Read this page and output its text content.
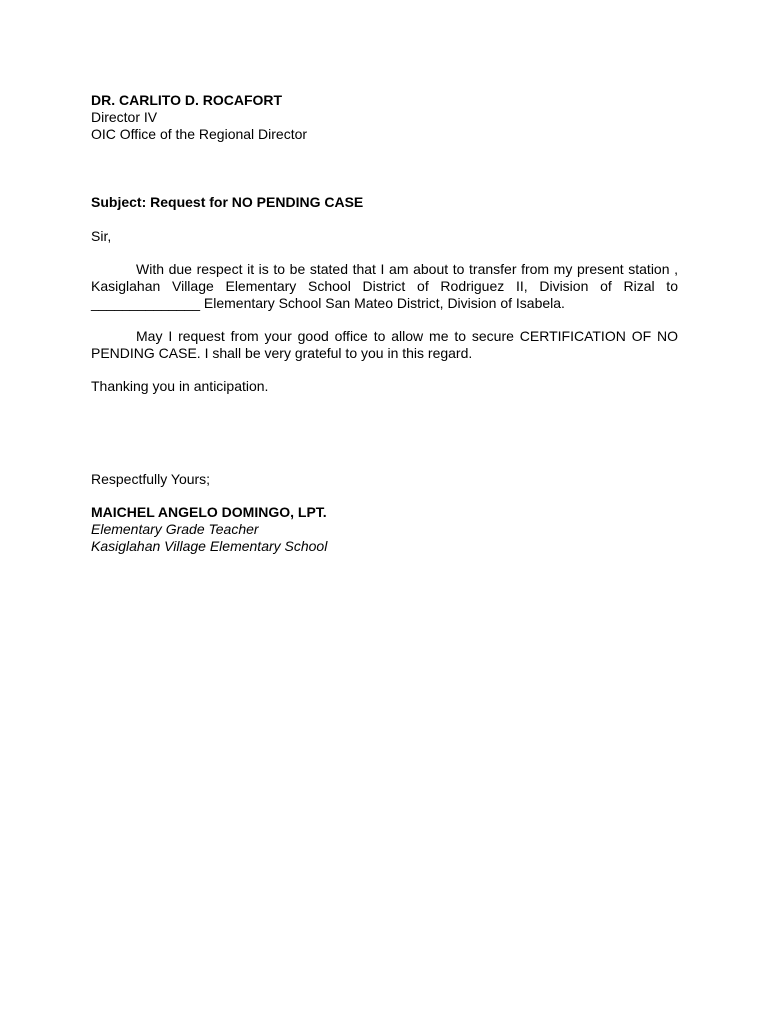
DR. CARLITO D. ROCAFORT
Director IV
OIC Office of the Regional Director
Subject: Request for NO PENDING CASE
Sir,

With due respect it is to be stated that I am about to transfer from my present station , Kasiglahan Village Elementary School District of Rodriguez II, Division of Rizal to ______________ Elementary School San Mateo District, Division of Isabela.

May I request from your good office to allow me to secure CERTIFICATION OF NO PENDING CASE. I shall be very grateful to you in this regard.

Thanking you in anticipation.
Respectfully Yours;
MAICHEL ANGELO DOMINGO, LPT.
Elementary Grade Teacher
Kasiglahan Village Elementary School
